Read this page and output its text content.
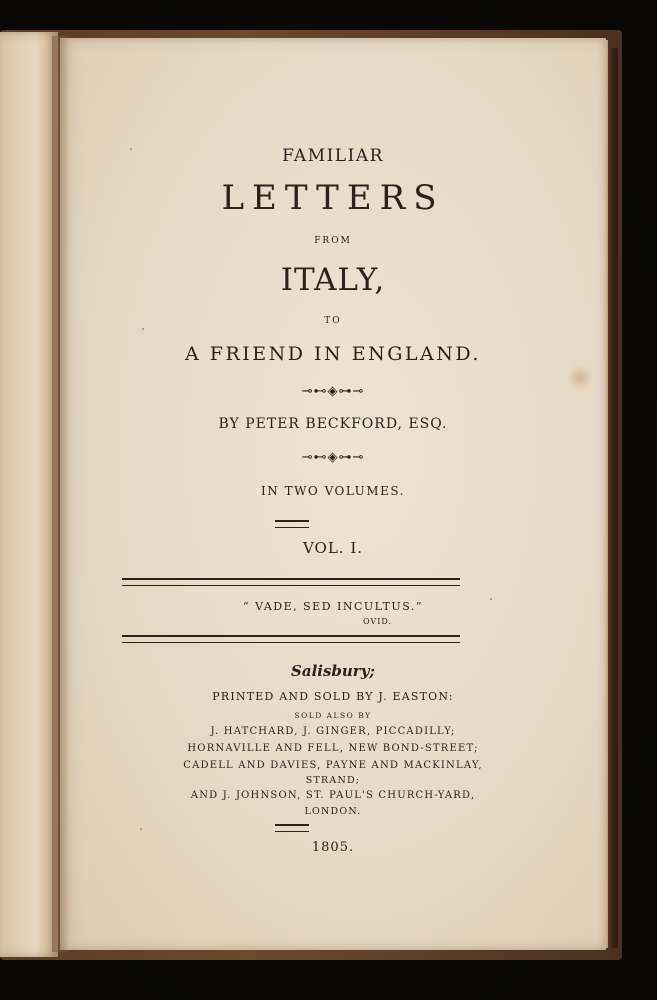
FAMILIAR
LETTERS
FROM
ITALY,
TO
A FRIEND IN ENGLAND.
⊸⊷◈⊶⊸
BY PETER BECKFORD, ESQ.
⊸⊷◈⊶⊸
IN TWO VOLUMES.
VOL. I.
“ VADE, SED INCULTUS.”
OVID.
Salisbury;
PRINTED AND SOLD BY J. EASTON:
SOLD ALSO BY
J. HATCHARD, J. GINGER, PICCADILLY;
HORNAVILLE AND FELL, NEW BOND-STREET;
CADELL AND DAVIES, PAYNE AND MACKINLAY,
STRAND;
AND J. JOHNSON, ST. PAUL'S CHURCH-YARD,
LONDON.
1805.
